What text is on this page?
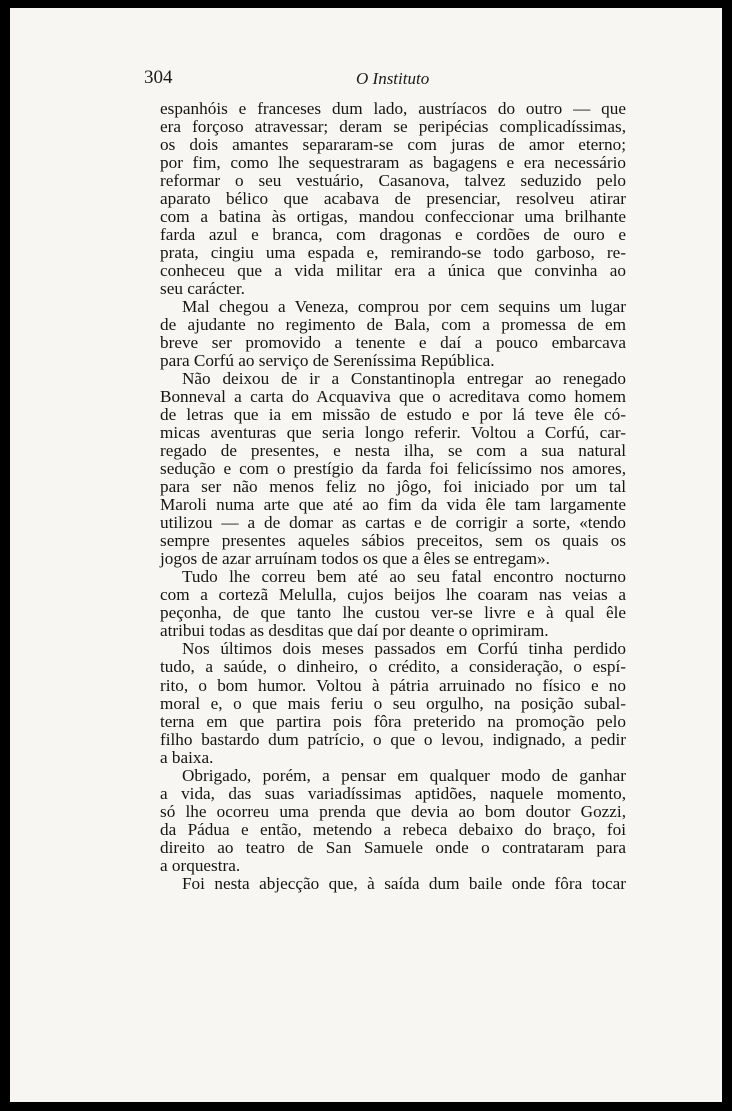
304	O Instituto
espanhóis e franceses dum lado, austríacos do outro — que
era forçoso atravessar; deram se peripécias complicadíssimas,
os dois amantes separaram-se com juras de amor eterno;
por fim, como lhe sequestraram as bagagens e era necessário
reformar o seu vestuário, Casanova, talvez seduzido pelo
aparato bélico que acabava de presenciar, resolveu atirar
com a batina às ortigas, mandou confeccionar uma brilhante
farda azul e branca, com dragonas e cordões de ouro e
prata, cingiu uma espada e, remirando-se todo garboso, re-
conheceu que a vida militar era a única que convinha ao
seu carácter.
Mal chegou a Veneza, comprou por cem sequins um lugar
de ajudante no regimento de Bala, com a promessa de em
breve ser promovido a tenente e daí a pouco embarcava
para Corfú ao serviço de Sereníssima República.
Não deixou de ir a Constantinopla entregar ao renegado
Bonneval a carta do Acquaviva que o acreditava como homem
de letras que ia em missão de estudo e por lá teve êle có-
micas aventuras que seria longo referir. Voltou a Corfú, car-
regado de presentes, e nesta ilha, se com a sua natural
sedução e com o prestígio da farda foi felicíssimo nos amores,
para ser não menos feliz no jôgo, foi iniciado por um tal
Maroli numa arte que até ao fim da vida êle tam largamente
utilizou — a de domar as cartas e de corrigir a sorte, «tendo
sempre presentes aqueles sábios preceitos, sem os quais os
jogos de azar arruínam todos os que a êles se entregam».
Tudo lhe correu bem até ao seu fatal encontro nocturno
com a cortezã Melulla, cujos beijos lhe coaram nas veias a
peçonha, de que tanto lhe custou ver-se livre e à qual êle
atribui todas as desditas que daí por deante o oprimiram.
Nos últimos dois meses passados em Corfú tinha perdido
tudo, a saúde, o dinheiro, o crédito, a consideração, o espí-
rito, o bom humor. Voltou à pátria arruinado no físico e no
moral e, o que mais feriu o seu orgulho, na posição subal-
terna em que partira pois fôra preterido na promoção pelo
filho bastardo dum patrício, o que o levou, indignado, a pedir
a baixa.
Obrigado, porém, a pensar em qualquer modo de ganhar
a vida, das suas variadíssimas aptidões, naquele momento,
só lhe ocorreu uma prenda que devia ao bom doutor Gozzi,
da Pádua e então, metendo a rebeca debaixo do braço, foi
direito ao teatro de San Samuele onde o contrataram para
a orquestra.
Foi nesta abjecção que, à saída dum baile onde fôra tocar
